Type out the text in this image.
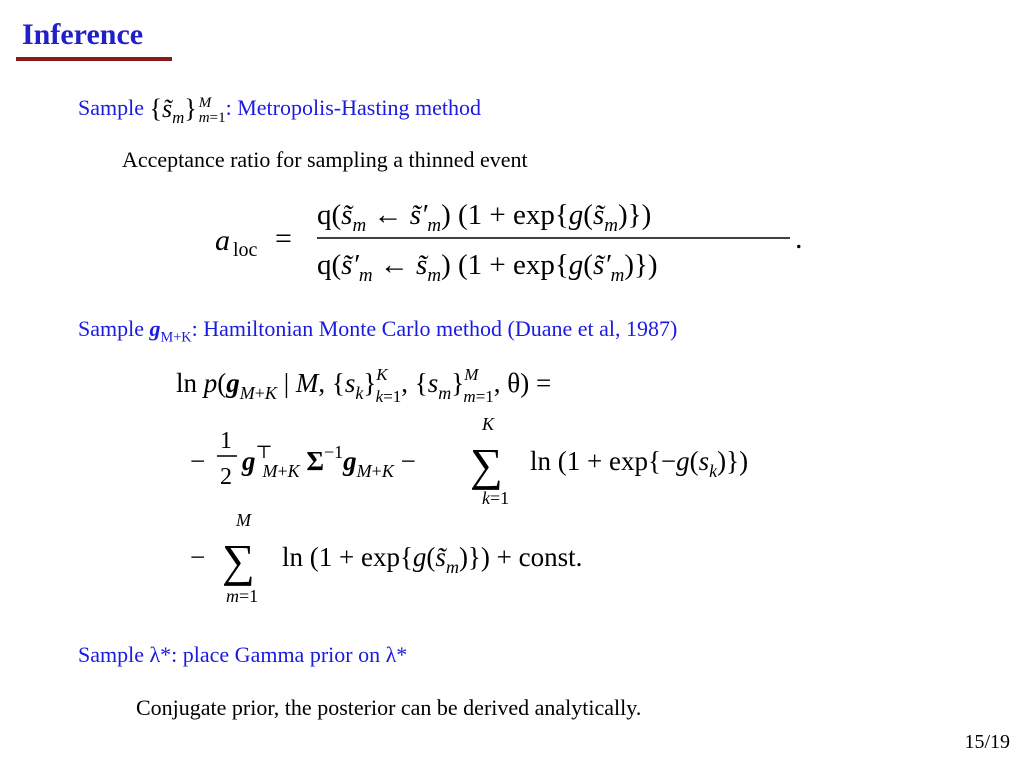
Inference
Sample $\{s̃_m\}$ M
m=1 : Metropolis-Hasting method
Acceptance ratio for sampling a thinned event
a loc =
$q(s̃_m$ ← $s̃'_m$) $(1 + \exp\{g(s̃_m)\})$
$q(s̃'_m$ ← $s̃_m$) $(1 + \exp\{g(s̃'_m)\})$
.
Sample $g_{M+K}$: Hamiltonian Monte Carlo method (Duane et al, 1987)
$\ln p(g_M+K$ | M, $\{s_k\}^K$ k=1, $\{s_m\}^M$ m=1, θ) =
−
1
2
g⊤ M+K $\Sigma^{-1}g_M+K$ −
K
∑
k=1
$\ln (1 + \exp\{-g(s_k)\})$
−
M
∑
m=1
$\ln (1 + \exp\{g(s̃_m)\})$ + const.
Sample λ*: place Gamma prior on λ*
Conjugate prior, the posterior can be derived analytically.
15/19
